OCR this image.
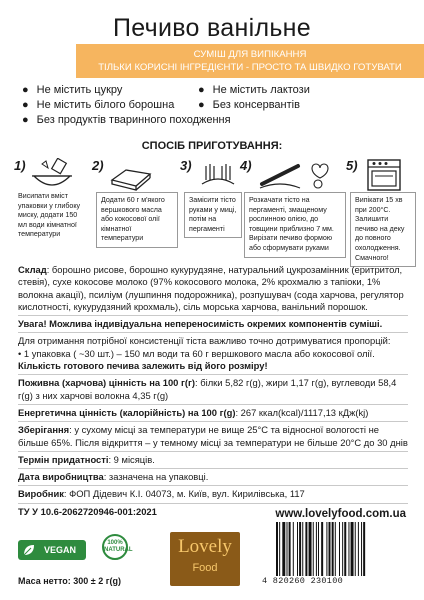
Печиво ванільне
СУМІШ ДЛЯ ВИПІКАННЯ
ТІЛЬКИ КОРИСНІ ІНГРЕДІЄНТИ - ПРОСТО ТА ШВИДКО ГОТУВАТИ
● Не містить цукру	● Не містить лактози
● Не містить білого борошна ● Без консервантів
● Без продуктів тваринного походження
СПОСІБ ПРИГОТУВАННЯ:
1)
Висипати вміст упаковки у глибоку миску, додати 150 мл води кімнатної температури
2)
Додати 60 г м'якого вершкового масла або кокосової олії кімнатної температури
3)
Замісити тісто руками у миці, потім на пергаменті
4)
Розкачати тісто на пергаменті, змащеному рослинною олією, до товщини приблизно 7 мм. Вирізати печиво формою або сформувати руками
5)
Випікати 15 хв при 200°С. Залишити печиво на деку до повного охолодження. Смачного!

Склад: борошно рисове, борошно кукурудзяне, натуральний цукрозамінник (еритритол, стевія), сухе кокосове молоко (97% кокосового молока, 2% крохмалю з тапіоки, 1% волокна акації), псиліум (лушпиння подорожника), розпушувач (сода харчова, регулятор кислотності, кукурудзяний крохмаль), сіль морська харчова, ванільний порошок.

Увага! Можлива індивідуальна непереносимість окремих компонентів суміші.

Для отримання потрібної консистенції тіста важливо точно дотримуватися пропорцій:

• 1 упаковка ( ~30 шт.) – 150 мл води та 60 г вершкового масла або кокосової олії.

Кількість готового печива залежить від його розміру!

Поживна (харчова) цінність на 100 г(г): білки 5,82 г(g), жири 1,17 г(g), вуглеводи 58,4 г(g) з них харчові волокна 4,35 г(g)

Енергетична цінність (калорійність) на 100 г(g): 267 ккал(kcal)/1117,13 кДж(kj)

Зберігання: у сухому місці за температури не вище 25°С та відносної вологості не більше 65%. Після відкриття – у темному місці за температури не більше 20°С до 30 днів

Термін придатності: 9 місяців.

Дата виробництва: зазначена на упаковці.

Виробник: ФОП Дідевич К.І. 04073, м. Київ, вул. Кирилівська, 117

ТУ У 10.6-2062720946-001:2021	www.lovelyfood.com.ua
VEGAN
100% NATURAL	Lovely
Food
4 820260 230100
Маса нетто: 300 ± 2 г(g)
